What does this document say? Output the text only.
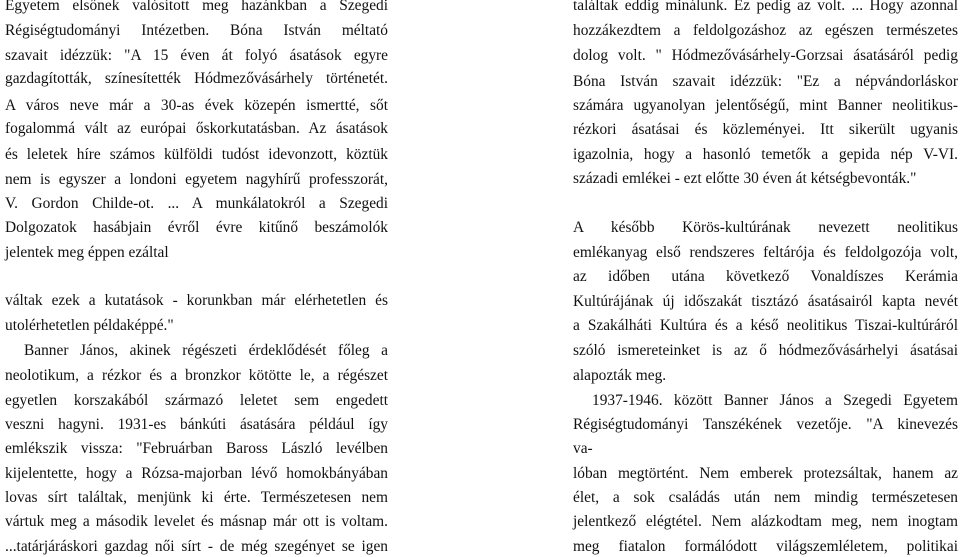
Egyetem elsőnek valósított meg hazánkban a Szegedi
Régiségtudományi Intézetben. Bóna István méltató
szavait idézzük: "A 15 éven át folyó ásatások egyre
gazdagították, színesítették Hódmezővásárhely történetét.
A város neve már a 30-as évek közepén ismertté, sőt
fogalommá vált az európai őskorkutatásban. Az ásatások
és leletek híre számos külföldi tudóst idevonzott, köztük
nem is egyszer a londoni egyetem nagyhírű professzorát,
V. Gordon Childe-ot. ... A munkálatokról a Szegedi
Dolgozatok hasábjain évről évre kitűnő beszámolók
jelentek meg éppen ezáltal
váltak ezek a kutatások - korunkban már elérhetetlen és
utolérhetetlen példaképpé."
Banner János, akinek régészeti érdeklődését főleg a
neolotikum, a rézkor és a bronzkor kötötte le, a régészet
egyetlen korszakából származó leletet sem engedett
veszni hagyni. 1931-es bánkúti ásatására például így
emlékszik vissza: "Februárban Baross László levélben
kijelentette, hogy a Rózsa-majorban lévő homokbányában
lovas sírt találtak, menjünk ki érte. Természetesen nem
vártuk meg a második levelet és másnap már ott is voltam.
...tatárjáráskori gazdag női sírt - de még szegényet se igen
találtak eddig minálunk. Ez pedig az volt. ... Hogy azonnal
hozzákezdtem a feldolgozáshoz az egészen természetes
dolog volt. " Hódmezővásárhely-Gorzsai ásatásáról pedig
Bóna István szavait idézzük: "Ez a népvándorláskor
számára ugyanolyan jelentőségű, mint Banner neolitikus-
rézkori ásatásai és közleményei. Itt sikerült ugyanis
igazolnia, hogy a hasonló temetők a gepida nép V-VI.
századi emlékei - ezt előtte 30 éven át kétségbevonták."
A később Körös-kultúrának nevezett neolitikus
emlékanyag első rendszeres feltárója és feldolgozója volt,
az időben utána következő Vonaldíszes Kerámia
Kultúrájának új időszakát tisztázó ásatásairól kapta nevét
a Szakálháti Kultúra és a késő neolitikus Tiszai-kultúráról
szóló ismereteinket is az ő hódmezővásárhelyi ásatásai
alapozták meg.
1937-1946. között Banner János a Szegedi Egyetem
Régiségtudományi Tanszékének vezetője. "A kinevezés
va-
lóban megtörtént. Nem emberek protezsáltak, hanem az
élet, a sok családás után nem mindig természetesen
jelentkező elégtétel. Nem alázkodtam meg, nem inogtam
meg fiatalon formálódott világszemléletem, politikai
